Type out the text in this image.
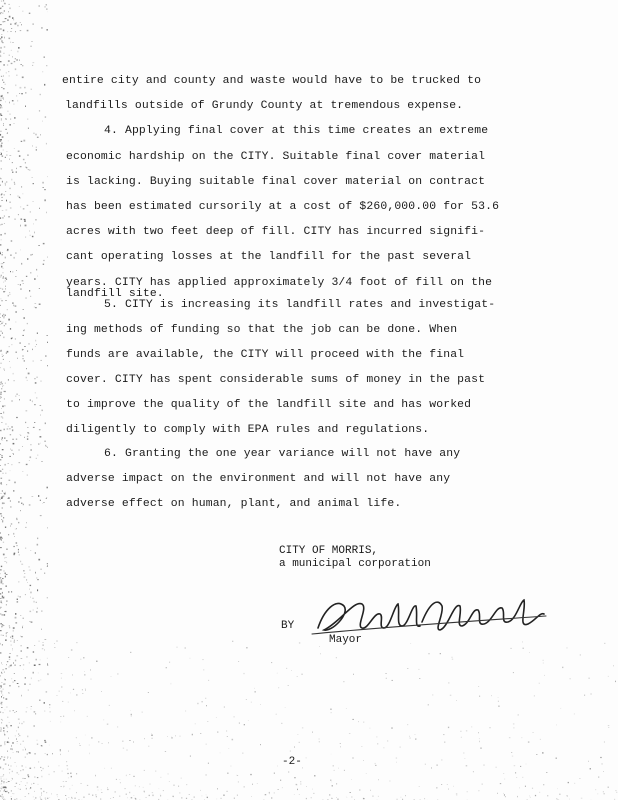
entire city and county and waste would have to be trucked to
landfills outside of Grundy County at tremendous expense.
4. Applying final cover at this time creates an extreme
economic hardship on the CITY. Suitable final cover material
is lacking. Buying suitable final cover material on contract
has been estimated cursorily at a cost of $260,000.00 for 53.6
acres with two feet deep of fill. CITY has incurred signifi-
cant operating losses at the landfill for the past several
years. CITY has applied approximately 3/4 foot of fill on the
landfill site.
5. CITY is increasing its landfill rates and investigat-
ing methods of funding so that the job can be done. When
funds are available, the CITY will proceed with the final
cover. CITY has spent considerable sums of money in the past
to improve the quality of the landfill site and has worked
diligently to comply with EPA rules and regulations.
6. Granting the one year variance will not have any
adverse impact on the environment and will not have any
adverse effect on human, plant, and animal life.
CITY OF MORRIS,
a municipal corporation
BY
Mayor
-2-
